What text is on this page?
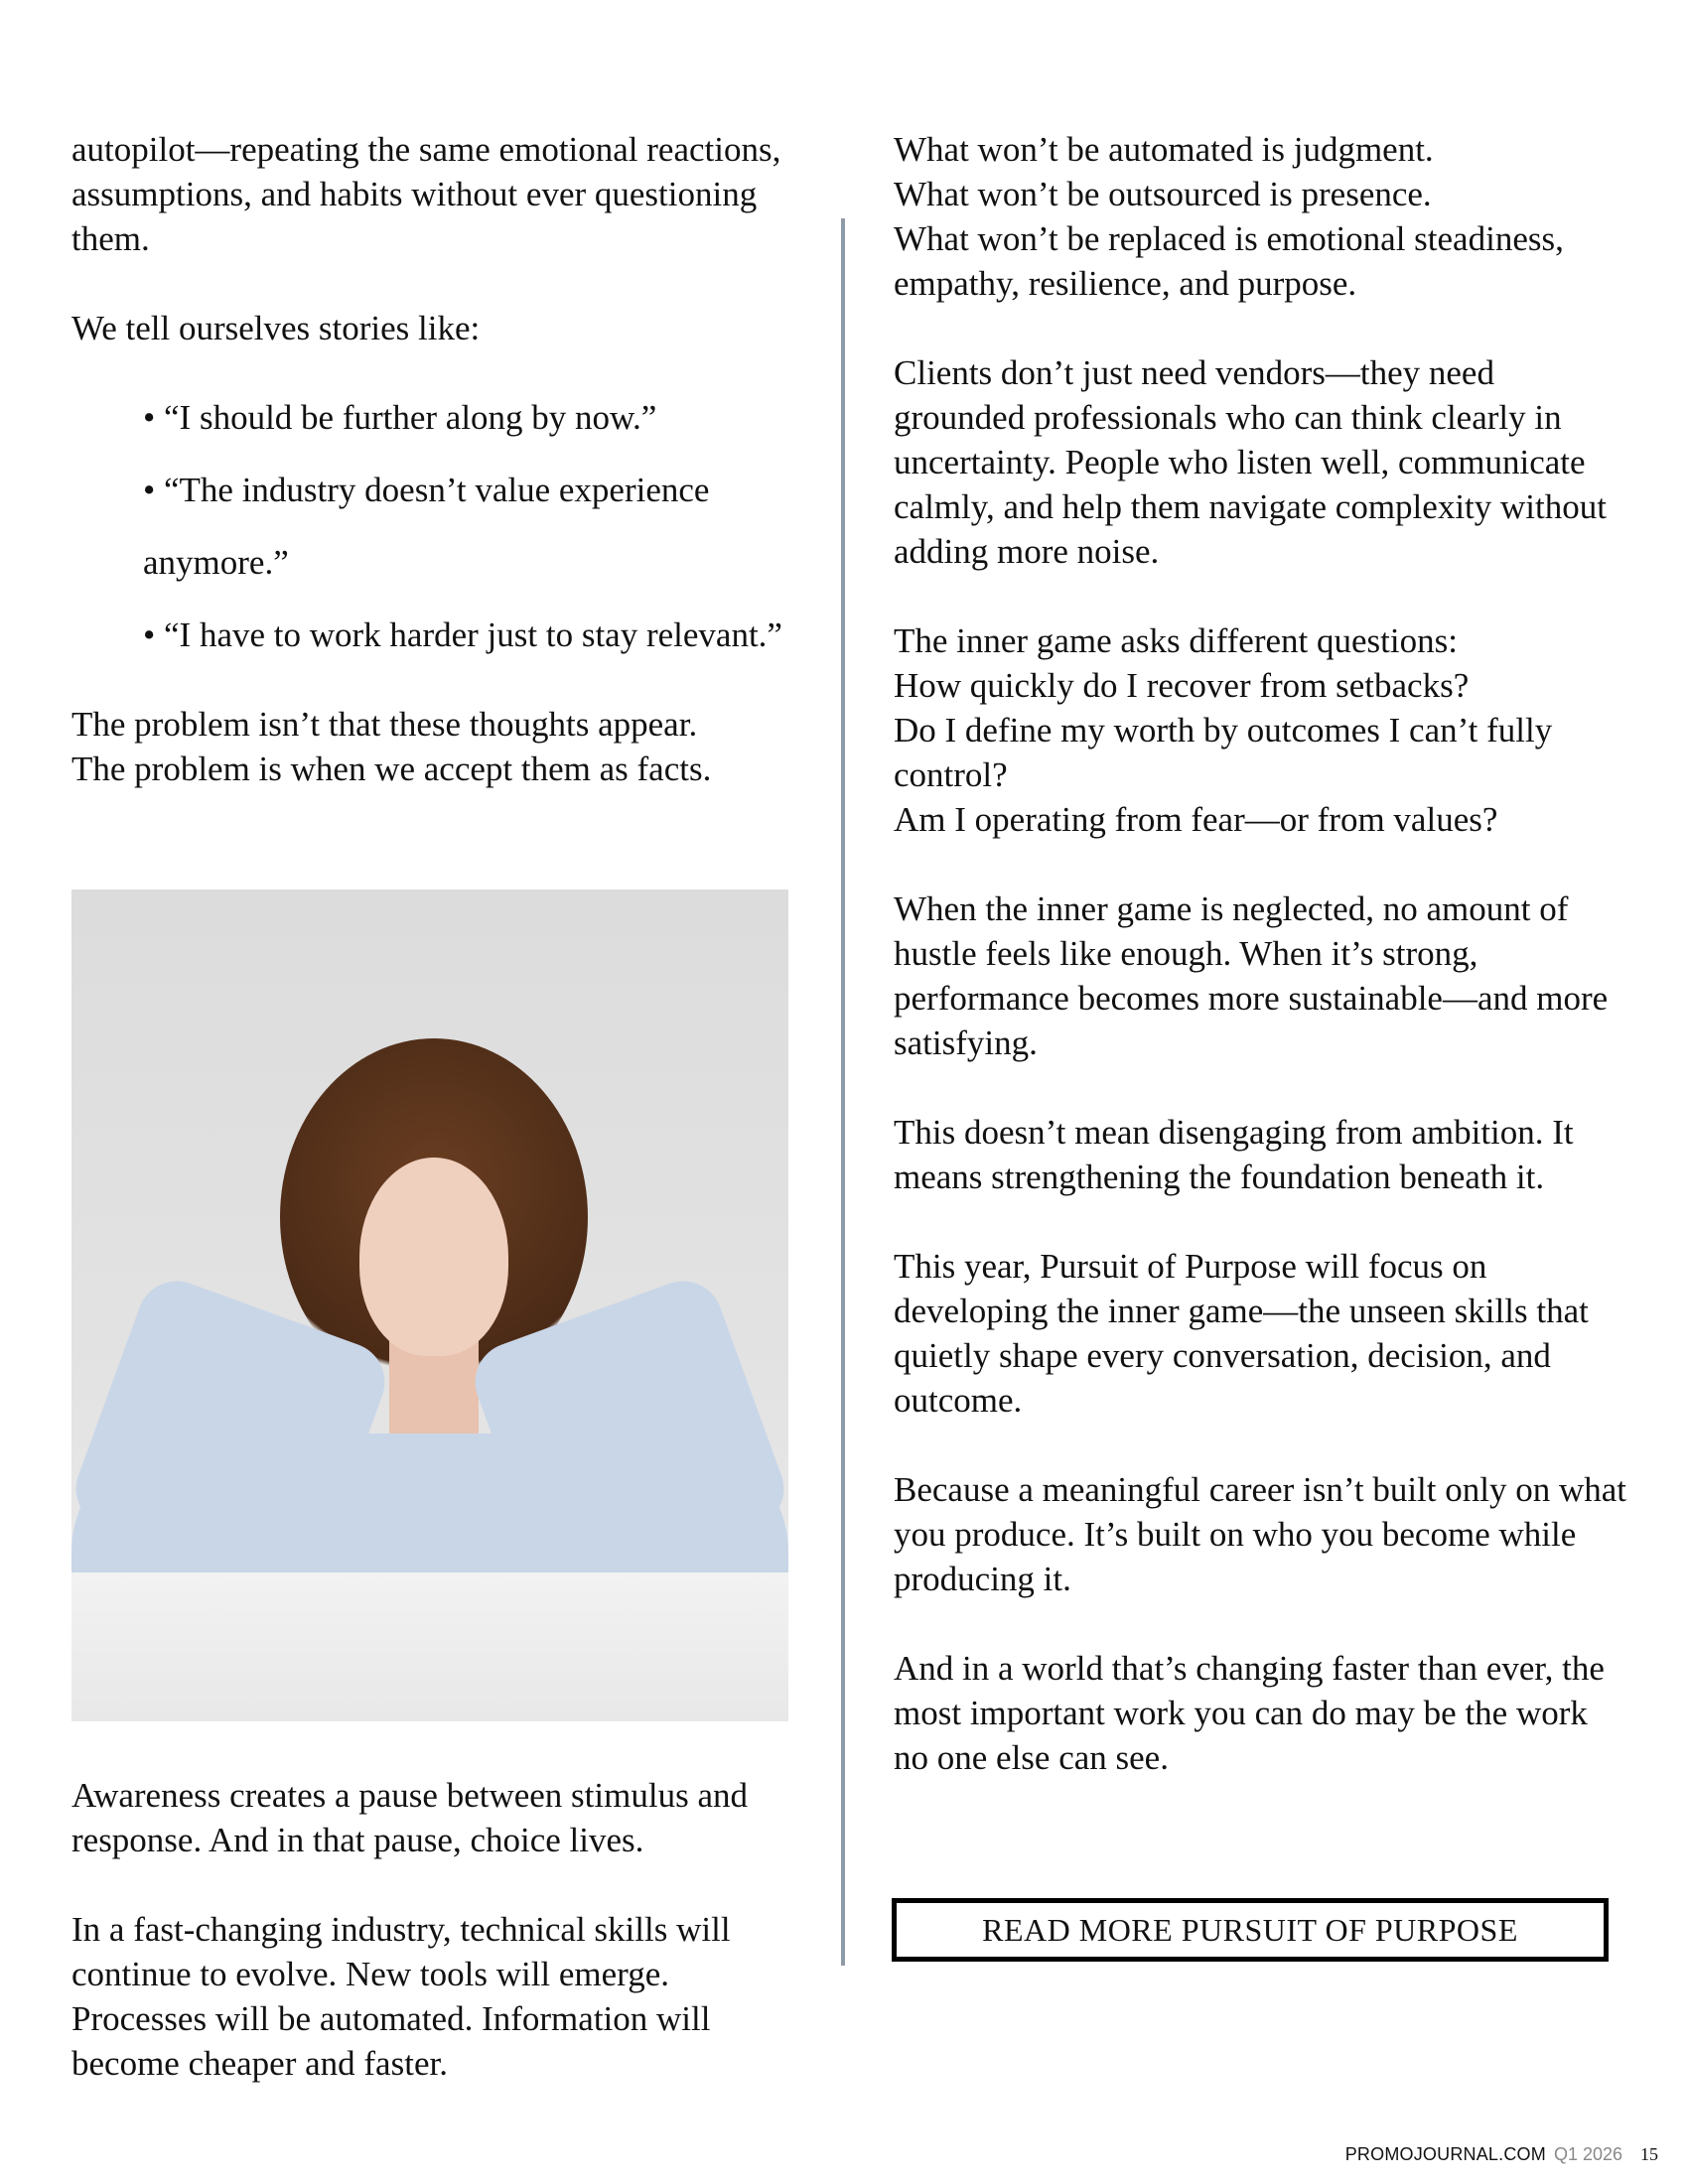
autopilot—repeating the same emotional reactions, assumptions, and habits without ever questioning them.

We tell ourselves stories like:

• “I should be further along by now.”

• “The industry doesn’t value experience

anymore.”

• “I have to work harder just to stay relevant.”

The problem isn’t that these thoughts appear.

The problem is when we accept them as facts.

Awareness creates a pause between stimulus and response. And in that pause, choice lives.

In a fast-changing industry, technical skills will continue to evolve. New tools will emerge. Processes will be automated. Information will become cheaper and faster.

What won’t be automated is judgment.

What won’t be outsourced is presence.

What won’t be replaced is emotional steadiness, empathy, resilience, and purpose.

Clients don’t just need vendors—they need grounded professionals who can think clearly in uncertainty. People who listen well, communicate calmly, and help them navigate complexity without adding more noise.

The inner game asks different questions:

How quickly do I recover from setbacks?

Do I define my worth by outcomes I can’t fully control?

Am I operating from fear—or from values?

When the inner game is neglected, no amount of hustle feels like enough. When it’s strong, performance becomes more sustainable—and more satisfying.

This doesn’t mean disengaging from ambition. It means strengthening the foundation beneath it.

This year, Pursuit of Purpose will focus on developing the inner game—the unseen skills that quietly shape every conversation, decision, and outcome.

Because a meaningful career isn’t built only on what you produce. It’s built on who you become while producing it.

And in a world that’s changing faster than ever, the most important work you can do may be the work no one else can see.

READ MORE PURSUIT OF PURPOSE
PROMOJOURNAL.COM Q1 2026 15
